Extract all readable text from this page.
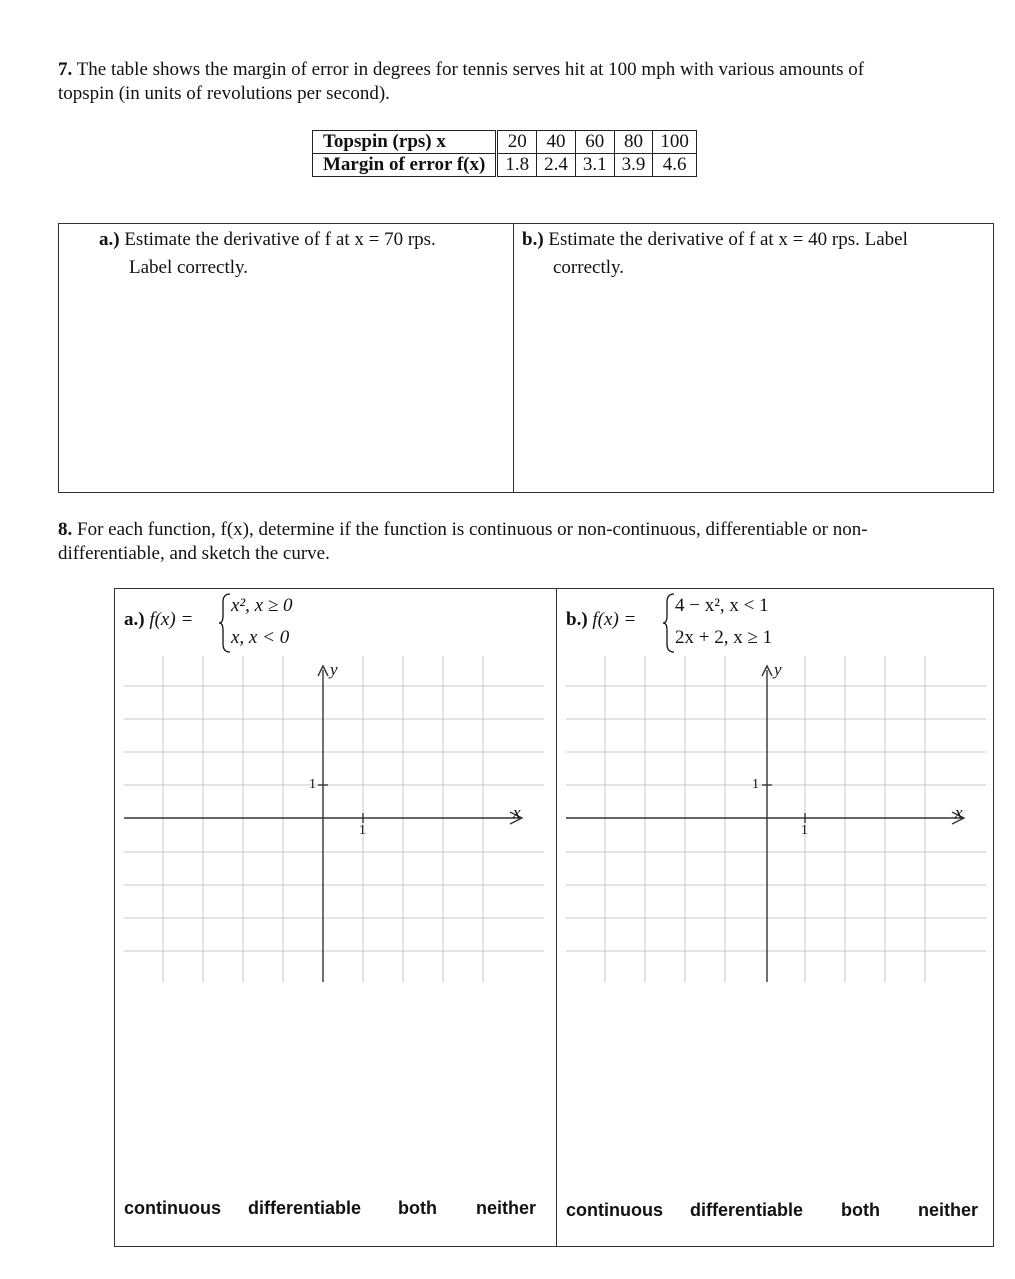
7. The table shows the margin of error in degrees for tennis serves hit at 100 mph with various amounts of
topspin (in units of revolutions per second).
Topspin (rps) x	20	40	60	80	100
Margin of error f(x)	1.8	2.4	3.1	3.9	4.6
a.) Estimate the derivative of f at x = 70 rps.
Label correctly.
b.) Estimate the derivative of f at x = 40 rps. Label
correctly.
8. For each function, f(x), determine if the function is continuous or non-continuous, differentiable or non-
differentiable, and sketch the curve.
a.) f(x) =
x², x ≥ 0
x, x < 0
b.) f(x) =
4 − x², x < 1
2x + 2, x ≥ 1
y
x
1
1
y
x
1
1
continuous differentiable both neither continuous differentiable both neither
